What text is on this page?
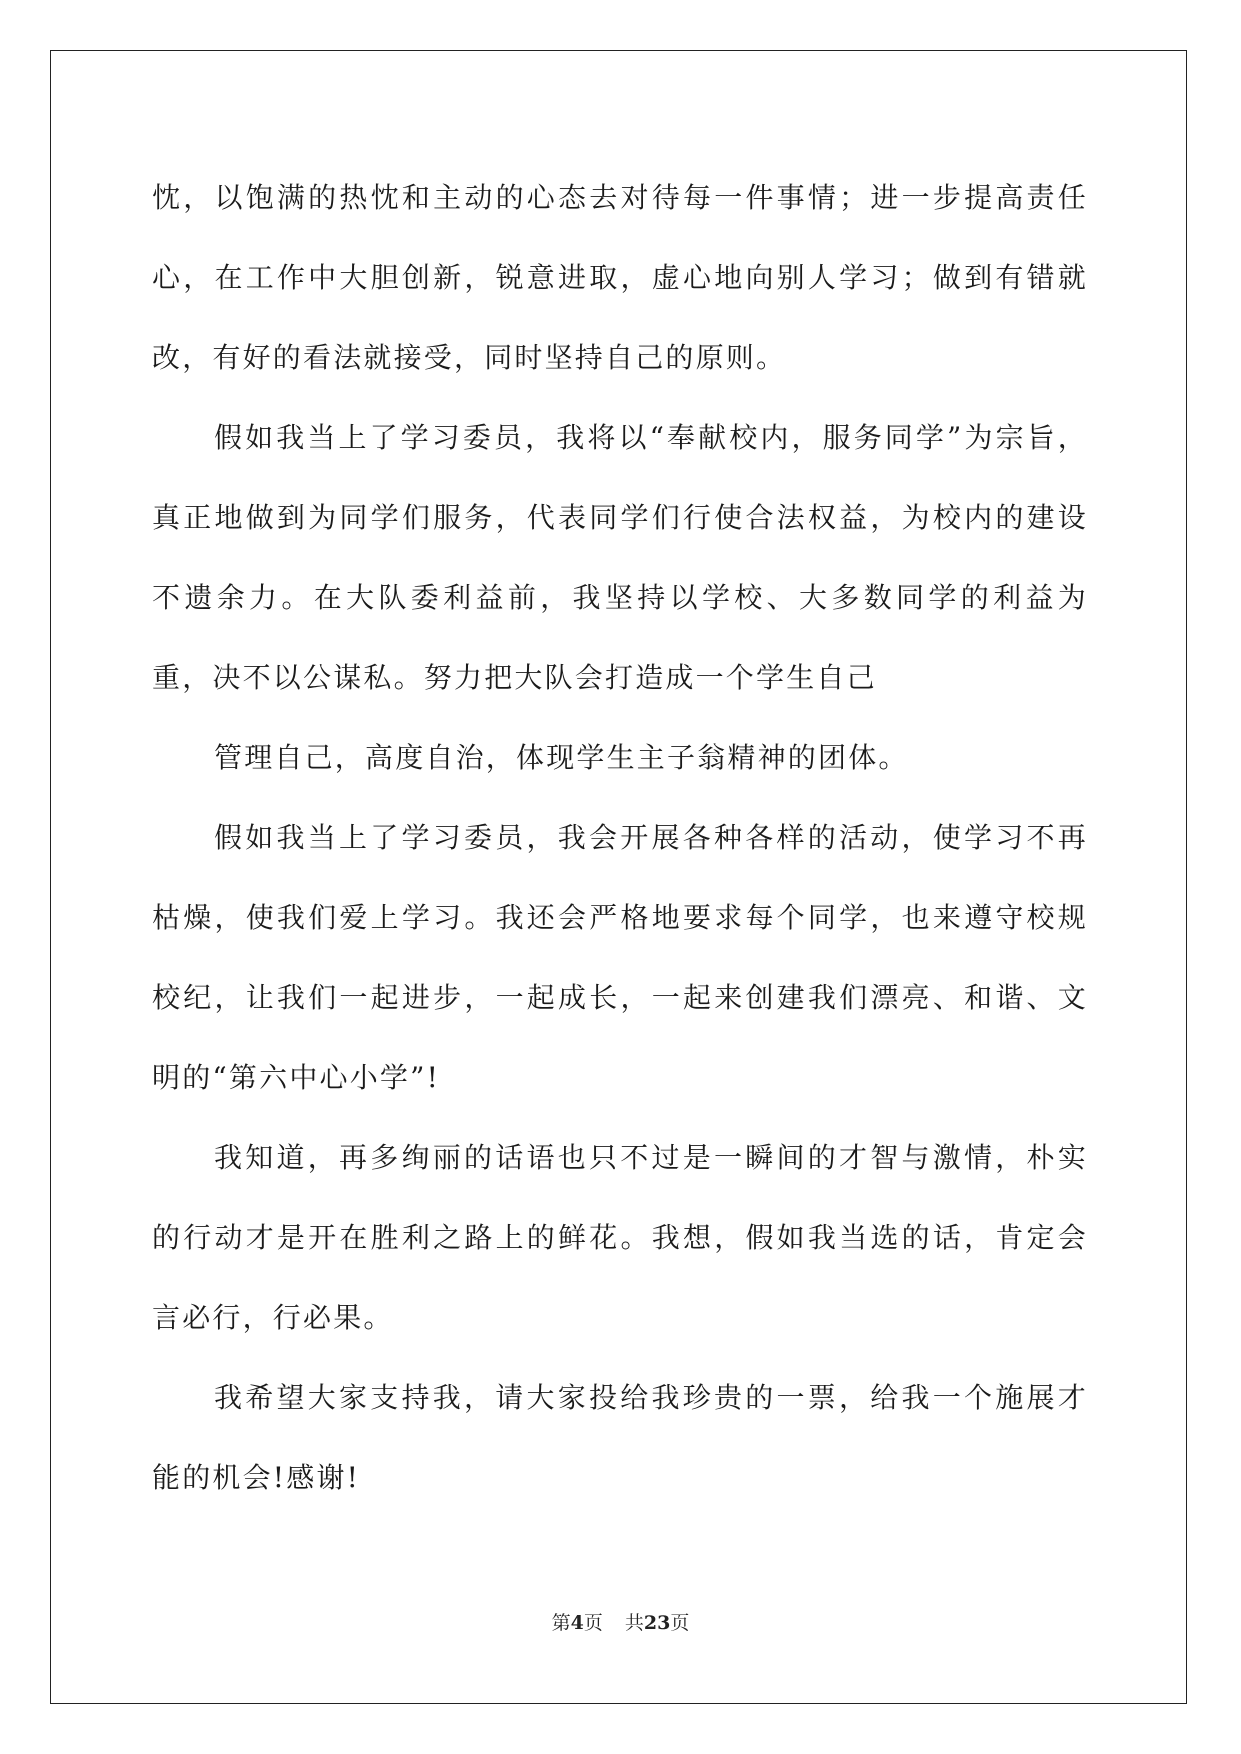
忱，以饱满的热忱和主动的心态去对待每一件事情；进一步提高责任心，在工作中大胆创新，锐意进取，虚心地向别人学习；做到有错就改，有好的看法就接受，同时坚持自己的原则。

假如我当上了学习委员，我将以“奉献校内，服务同学”为宗旨，真正地做到为同学们服务，代表同学们行使合法权益，为校内的建设不遗余力。在大队委利益前，我坚持以学校、大多数同学的利益为重，决不以公谋私。努力把大队会打造成一个学生自己

管理自己，高度自治，体现学生主子翁精神的团体。

假如我当上了学习委员，我会开展各种各样的活动，使学习不再枯燥，使我们爱上学习。我还会严格地要求每个同学，也来遵守校规校纪，让我们一起进步，一起成长，一起来创建我们漂亮、和谐、文明的“第六中心小学”!

我知道，再多绚丽的话语也只不过是一瞬间的才智与激情，朴实的行动才是开在胜利之路上的鲜花。我想，假如我当选的话，肯定会言必行，行必果。

我希望大家支持我，请大家投给我珍贵的一票，给我一个施展才能的机会!感谢!

第4页 共23页
